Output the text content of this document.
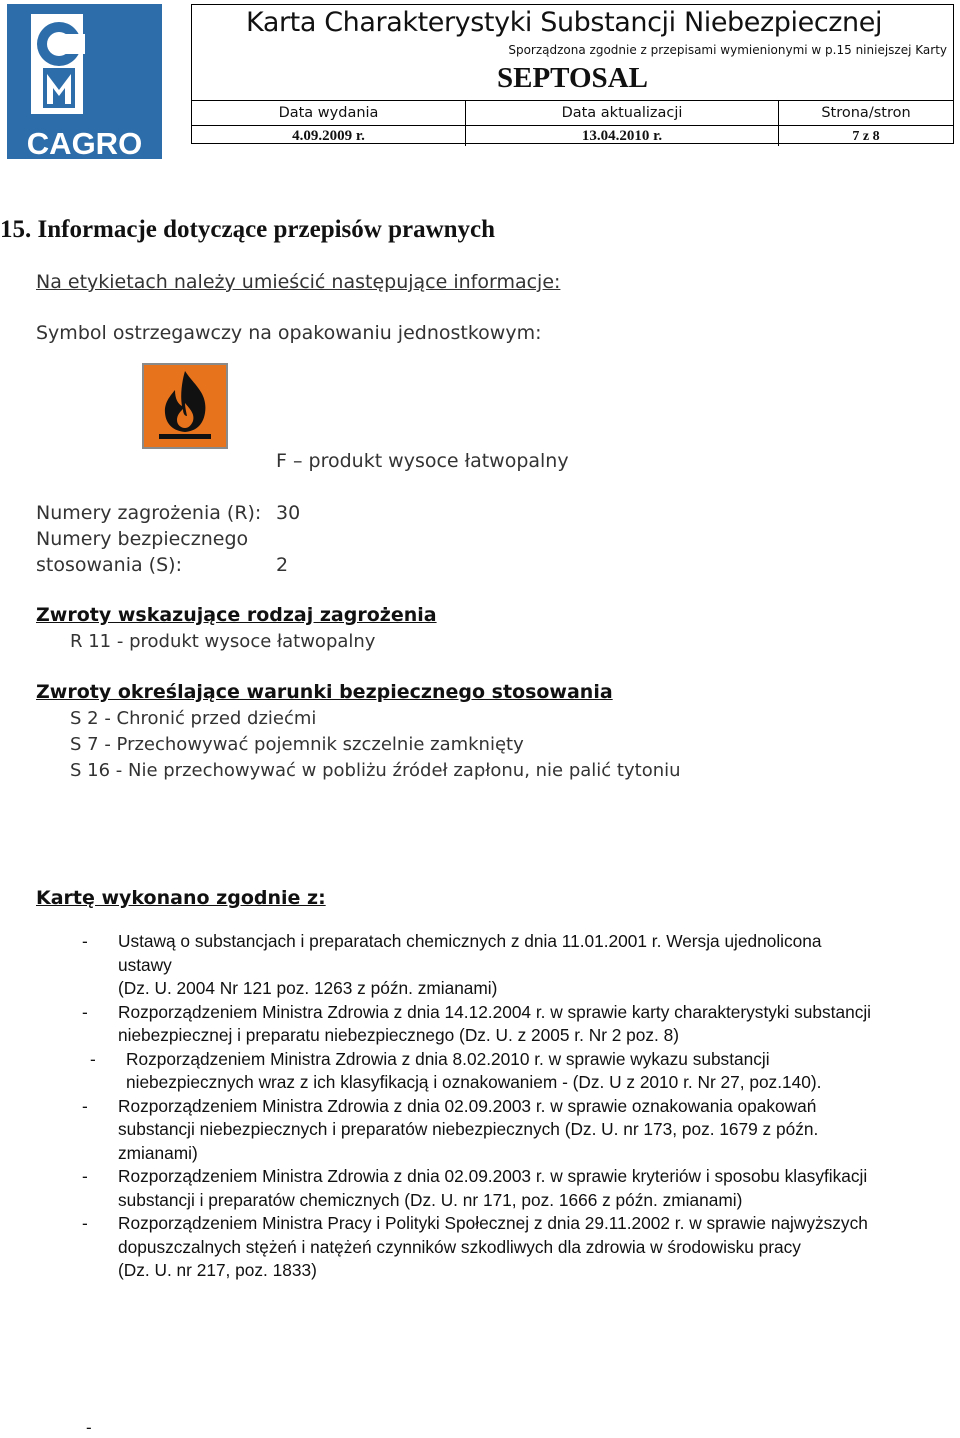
CAGRO
Karta Charakterystyki Substancji Niebezpiecznej
Sporządzona zgodnie z przepisami wymienionymi w p.15 niniejszej Karty
SEPTOSAL
Data wydania
4.09.2009 r.
Data aktualizacji
13.04.2010 r.
Strona/stron
7 z 8
15. Informacje dotyczące przepisów prawnych
Na etykietach należy umieścić następujące informacje:
Symbol ostrzegawczy na opakowaniu jednostkowym:
F – produkt wysoce łatwopalny
Numery zagrożenia (R): 30
Numery bezpiecznego
stosowania (S):	2
Zwroty wskazujące rodzaj zagrożenia
R 11 - produkt wysoce łatwopalny
Zwroty określające warunki bezpiecznego stosowania
S 2 - Chronić przed dziećmi
S 7 - Przechowywać pojemnik szczelnie zamknięty
S 16 - Nie przechowywać w pobliżu źródeł zapłonu, nie palić tytoniu
Kartę wykonano zgodnie z:
- Ustawą o substancjach i preparatach chemicznych z dnia 11.01.2001 r. Wersja ujednolicona
ustawy
(Dz. U. 2004 Nr 121 poz. 1263 z późn. zmianami)
- Rozporządzeniem Ministra Zdrowia z dnia 14.12.2004 r. w sprawie karty charakterystyki substancji
niebezpiecznej i preparatu niebezpiecznego (Dz. U. z 2005 r. Nr 2 poz. 8)
- Rozporządzeniem Ministra Zdrowia z dnia 8.02.2010 r. w sprawie wykazu substancji
niebezpiecznych wraz z ich klasyfikacją i oznakowaniem - (Dz. U z 2010 r. Nr 27, poz.140).
- Rozporządzeniem Ministra Zdrowia z dnia 02.09.2003 r. w sprawie oznakowania opakowań
substancji niebezpiecznych i preparatów niebezpiecznych (Dz. U. nr 173, poz. 1679 z późn.
zmianami)
- Rozporządzeniem Ministra Zdrowia z dnia 02.09.2003 r. w sprawie kryteriów i sposobu klasyfikacji
substancji i preparatów chemicznych (Dz. U. nr 171, poz. 1666 z późn. zmianami)
- Rozporządzeniem Ministra Pracy i Polityki Społecznej z dnia 29.11.2002 r. w sprawie najwyższych
dopuszczalnych stężeń i natężeń czynników szkodliwych dla zdrowia w środowisku pracy
(Dz. U. nr 217, poz. 1833)
-
